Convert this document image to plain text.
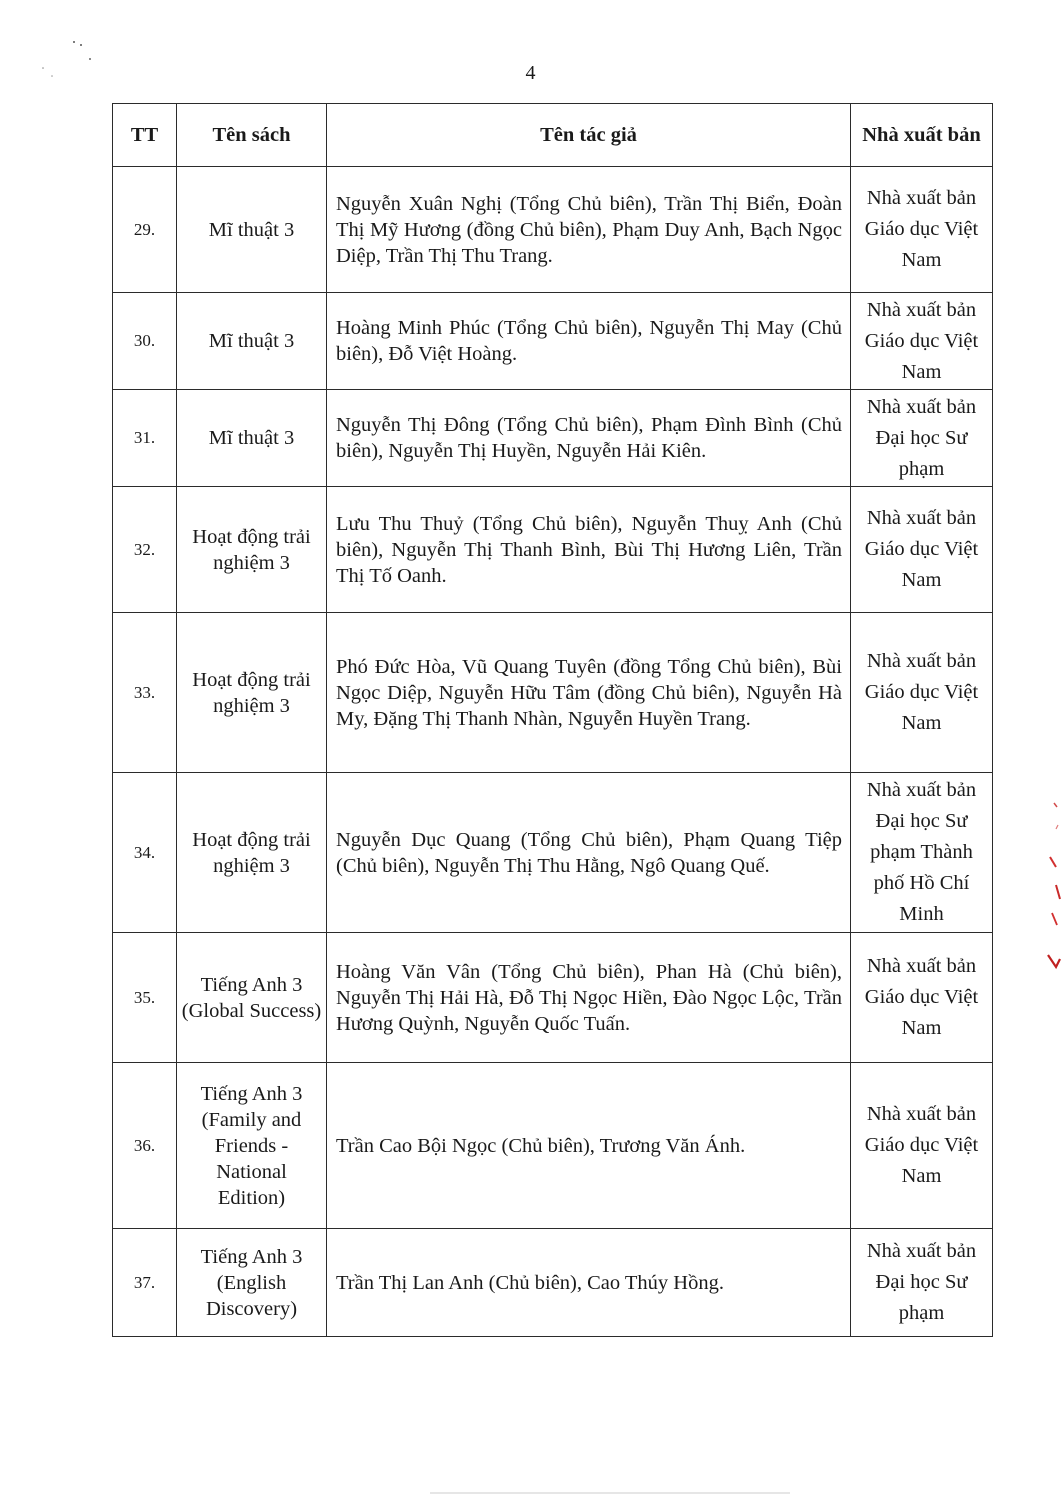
4
TT	Tên sách	Tên tác giả	Nhà xuất bản
29.	Mĩ thuật 3	Nguyễn Xuân Nghị (Tổng Chủ biên), Trần Thị Biển, Đoàn Thị Mỹ Hương (đồng Chủ biên), Phạm Duy Anh, Bạch Ngọc Diệp, Trần Thị Thu Trang.	Nhà xuất bản Giáo dục Việt Nam
30.	Mĩ thuật 3	Hoàng Minh Phúc (Tổng Chủ biên), Nguyễn Thị May (Chủ biên), Đỗ Việt Hoàng.	Nhà xuất bản Giáo dục Việt Nam
31.	Mĩ thuật 3	Nguyễn Thị Đông (Tổng Chủ biên), Phạm Đình Bình (Chủ biên), Nguyễn Thị Huyền, Nguyễn Hải Kiên.	Nhà xuất bản Đại học Sư phạm
32.	Hoạt động trải nghiệm 3	Lưu Thu Thuỷ (Tổng Chủ biên), Nguyễn Thuỵ Anh (Chủ biên), Nguyễn Thị Thanh Bình, Bùi Thị Hương Liên, Trần Thị Tố Oanh.	Nhà xuất bản Giáo dục Việt Nam
33.	Hoạt động trải nghiệm 3	Phó Đức Hòa, Vũ Quang Tuyên (đồng Tổng Chủ biên), Bùi Ngọc Diệp, Nguyễn Hữu Tâm (đồng Chủ biên), Nguyễn Hà My, Đặng Thị Thanh Nhàn, Nguyễn Huyền Trang.	Nhà xuất bản Giáo dục Việt Nam
34.	Hoạt động trải nghiệm 3	Nguyễn Dục Quang (Tổng Chủ biên), Phạm Quang Tiệp (Chủ biên), Nguyễn Thị Thu Hằng, Ngô Quang Quế.	Nhà xuất bản Đại học Sư phạm Thành phố Hồ Chí Minh
35.	Tiếng Anh 3 (Global Success)	Hoàng Văn Vân (Tổng Chủ biên), Phan Hà (Chủ biên), Nguyễn Thị Hải Hà, Đỗ Thị Ngọc Hiền, Đào Ngọc Lộc, Trần Hương Quỳnh, Nguyễn Quốc Tuấn.	Nhà xuất bản Giáo dục Việt Nam
36.	Tiếng Anh 3 (Family and Friends - National Edition)	Trần Cao Bội Ngọc (Chủ biên), Trương Văn Ánh.	Nhà xuất bản Giáo dục Việt Nam
37.	Tiếng Anh 3 (English Discovery)	Trần Thị Lan Anh (Chủ biên), Cao Thúy Hồng.	Nhà xuất bản Đại học Sư phạm
